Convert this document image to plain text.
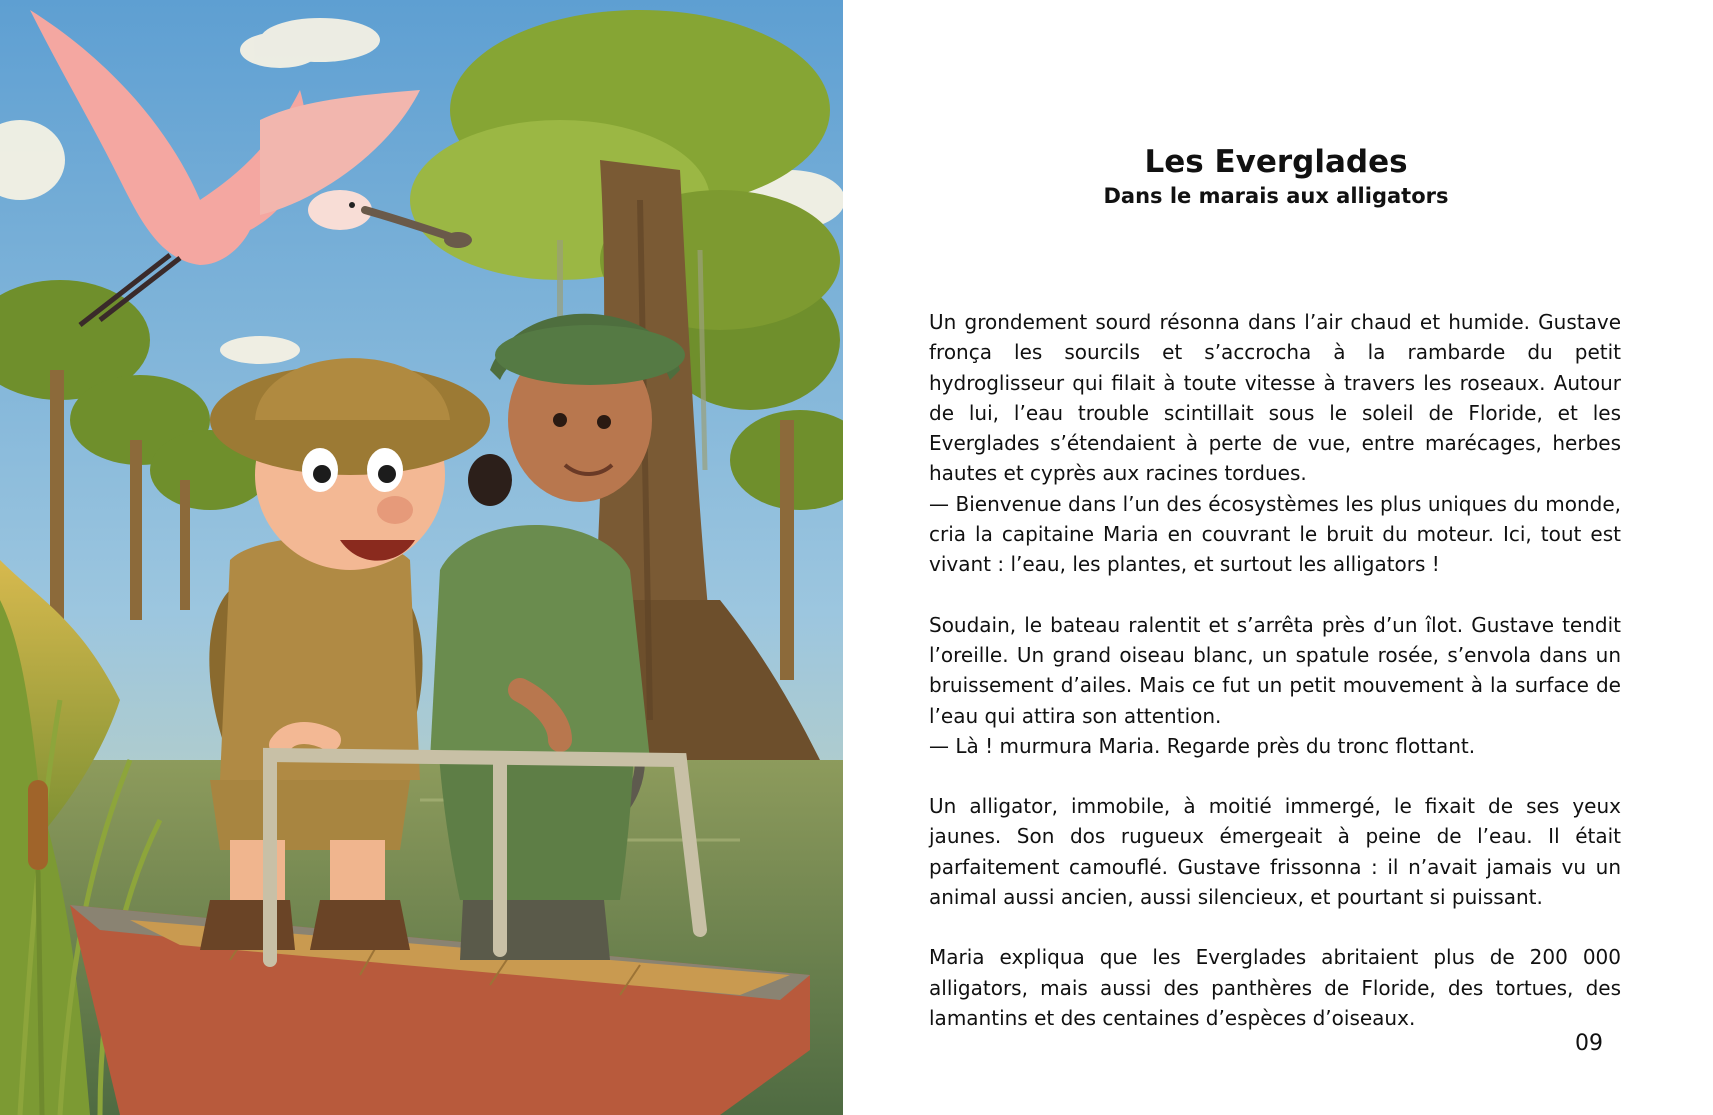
Les Everglades
Dans le marais aux alligators

Un grondement sourd résonna dans l’air chaud et humide. Gustave fronça les sourcils et s’accrocha à la rambarde du petit hydroglisseur qui filait à toute vitesse à travers les roseaux. Autour de lui, l’eau trouble scintillait sous le soleil de Floride, et les Everglades s’étendaient à perte de vue, entre marécages, herbes hautes et cyprès aux racines tordues.
— Bienvenue dans l’un des écosystèmes les plus uniques du monde, cria la capitaine Maria en couvrant le bruit du moteur. Ici, tout est vivant : l’eau, les plantes, et surtout les alligators !

Soudain, le bateau ralentit et s’arrêta près d’un îlot. Gustave tendit l’oreille. Un grand oiseau blanc, un spatule rosée, s’envola dans un bruissement d’ailes. Mais ce fut un petit mouvement à la surface de l’eau qui attira son attention.
— Là ! murmura Maria. Regarde près du tronc flottant.

Un alligator, immobile, à moitié immergé, le fixait de ses yeux jaunes. Son dos rugueux émergeait à peine de l’eau. Il était parfaitement camouflé. Gustave frissonna : il n’avait jamais vu un animal aussi ancien, aussi silencieux, et pourtant si puissant.

Maria expliqua que les Everglades abritaient plus de 200 000 alligators, mais aussi des panthères de Floride, des tortues, des lamantins et des centaines d’espèces d’oiseaux.

09
